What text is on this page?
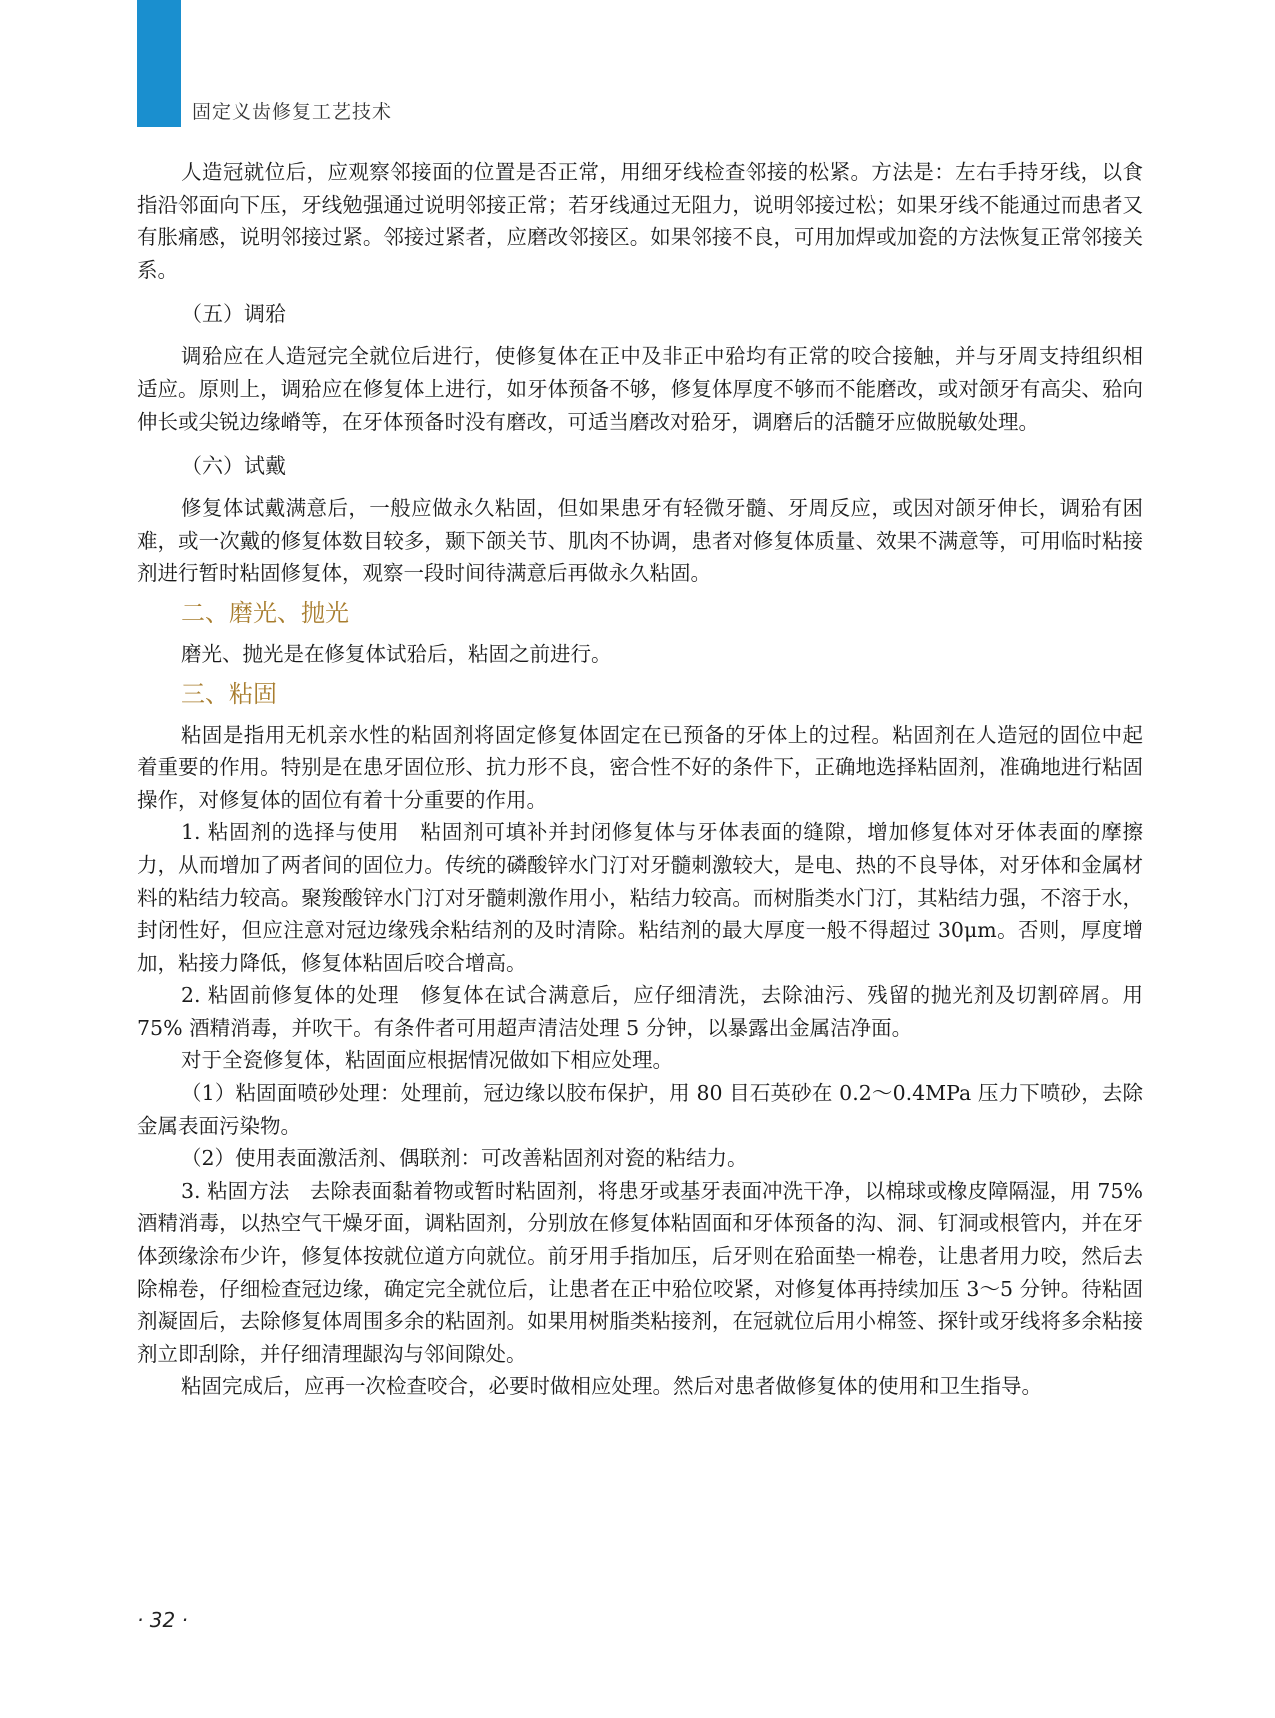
固定义齿修复工艺技术

人造冠就位后，应观察邻接面的位置是否正常，用细牙线检查邻接的松紧。方法是：左右手持牙线，以食指沿邻面向下压，牙线勉强通过说明邻接正常；若牙线通过无阻力，说明邻接过松；如果牙线不能通过而患者又有胀痛感，说明邻接过紧。邻接过紧者，应磨改邻接区。如果邻接不良，可用加焊或加瓷的方法恢复正常邻接关系。

（五）调𬌗

调𬌗应在人造冠完全就位后进行，使修复体在正中及非正中𬌗均有正常的咬合接触，并与牙周支持组织相适应。原则上，调𬌗应在修复体上进行，如牙体预备不够，修复体厚度不够而不能磨改，或对颌牙有高尖、𬌗向伸长或尖锐边缘嵴等，在牙体预备时没有磨改，可适当磨改对𬌗牙，调磨后的活髓牙应做脱敏处理。

（六）试戴

修复体试戴满意后，一般应做永久粘固，但如果患牙有轻微牙髓、牙周反应，或因对颌牙伸长，调𬌗有困难，或一次戴的修复体数目较多，颞下颌关节、肌肉不协调，患者对修复体质量、效果不满意等，可用临时粘接剂进行暂时粘固修复体，观察一段时间待满意后再做永久粘固。

二、磨光、抛光

磨光、抛光是在修复体试𬌗后，粘固之前进行。

三、粘固

粘固是指用无机亲水性的粘固剂将固定修复体固定在已预备的牙体上的过程。粘固剂在人造冠的固位中起着重要的作用。特别是在患牙固位形、抗力形不良，密合性不好的条件下，正确地选择粘固剂，准确地进行粘固操作，对修复体的固位有着十分重要的作用。

1. 粘固剂的选择与使用　粘固剂可填补并封闭修复体与牙体表面的缝隙，增加修复体对牙体表面的摩擦力，从而增加了两者间的固位力。传统的磷酸锌水门汀对牙髓刺激较大，是电、热的不良导体，对牙体和金属材料的粘结力较高。聚羧酸锌水门汀对牙髓刺激作用小，粘结力较高。而树脂类水门汀，其粘结力强，不溶于水，封闭性好，但应注意对冠边缘残余粘结剂的及时清除。粘结剂的最大厚度一般不得超过 30μm。否则，厚度增加，粘接力降低，修复体粘固后咬合增高。

2. 粘固前修复体的处理　修复体在试合满意后，应仔细清洗，去除油污、残留的抛光剂及切割碎屑。用 75% 酒精消毒，并吹干。有条件者可用超声清洁处理 5 分钟，以暴露出金属洁净面。

对于全瓷修复体，粘固面应根据情况做如下相应处理。

（1）粘固面喷砂处理：处理前，冠边缘以胶布保护，用 80 目石英砂在 0.2～0.4MPa 压力下喷砂，去除金属表面污染物。

（2）使用表面激活剂、偶联剂：可改善粘固剂对瓷的粘结力。

3. 粘固方法　去除表面黏着物或暂时粘固剂，将患牙或基牙表面冲洗干净，以棉球或橡皮障隔湿，用 75% 酒精消毒，以热空气干燥牙面，调粘固剂，分别放在修复体粘固面和牙体预备的沟、洞、钉洞或根管内，并在牙体颈缘涂布少许，修复体按就位道方向就位。前牙用手指加压，后牙则在𬌗面垫一棉卷，让患者用力咬，然后去除棉卷，仔细检查冠边缘，确定完全就位后，让患者在正中𬌗位咬紧，对修复体再持续加压 3～5 分钟。待粘固剂凝固后，去除修复体周围多余的粘固剂。如果用树脂类粘接剂，在冠就位后用小棉签、探针或牙线将多余粘接剂立即刮除，并仔细清理龈沟与邻间隙处。

粘固完成后，应再一次检查咬合，必要时做相应处理。然后对患者做修复体的使用和卫生指导。

· 32 ·
